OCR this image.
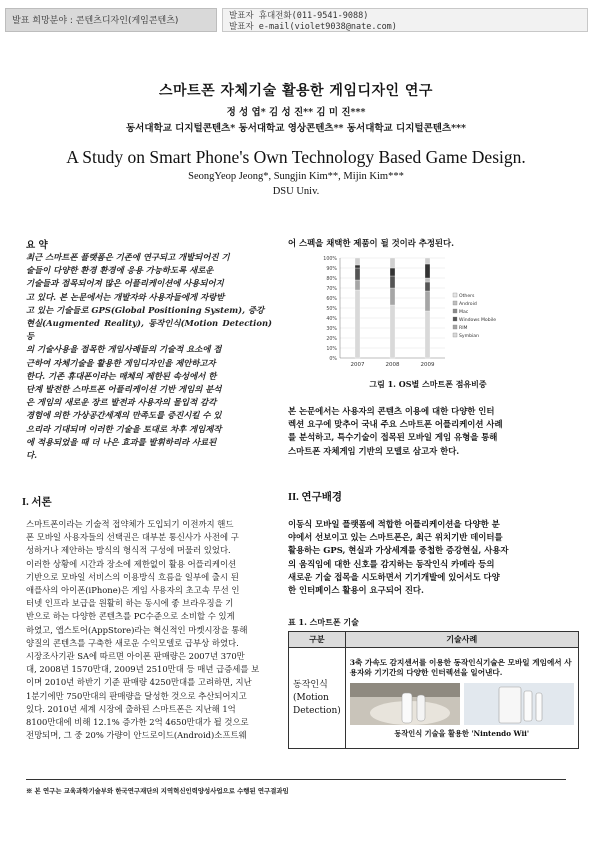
발표 희망분야 : 콘텐츠디자인(게임콘텐츠)	발표자 휴대전화(011-9541-9088)
발표자 e-mail(violet9038@nate.com)
스마트폰 자체기술 활용한 게임디자인 연구
정 성 엽* 김 성 진** 김 미 진***
동서대학교 디지털콘텐츠* 동서대학교 영상콘텐츠** 동서대학교 디지털콘텐츠***
A Study on Smart Phone's Own Technology Based Game Design.
SeongYeop Jeong*, Sungjin Kim**, Mijin Kim***
DSU Univ.
요 약
최근 스마트폰 플랫폼은 기존에 연구되고 개발되어진 기
술들이 다양한 환경 환경에 응용 가능하도록 새로운
기술들과 접목되어져 많은 어플리케이션에 사용되어지
고 있다. 본 논문에서는 개발자와 사용자들에게 자랑받
고 있는 기술들로 GPS(Global Positioning System), 증강
현실(Augmented Reality), 동작인식(Motion Detection)등
의 기술사용을 접목한 게임사례들의 기술적 요소에 접
근하여 자체기술을 활용한 게임디자인을 제안하고자
한다. 기존 휴대폰이라는 매체의 제한된 속성에서 한
단계 발전한 스마트폰 어플리케이션 기반 게임의 분석
은 게임의 새로운 장르 발전과 사용자의 몰입적 감각
경험에 의한 가상공간세계의 만족도를 증진시킬 수 있
으리라 기대되며 이러한 기술을 토대로 차후 게임제작
에 적용되었을 때 더 나은 효과를 발휘하리라 사료된
다.
I. 서론
스마트폰이라는 기술적 접약체가 도입되기 이전까지 핸드
폰 모바일 사용자들의 선택권은 대부분 통신사가 사전에 구
성하거나 제안하는 방식의 형식적 구성에 머물러 있었다.
이러한 상황에 시간과 장소에 제한없이 활용 어플리케이션
기반으로 모바일 서비스의 이용방식 흐름을 일부에 출시 된
애플사의 아이폰(iPhone)은 게임 사용자의 초고속 무선 인
터넷 인프라 보급을 원활히 하는 동시에 좋 브라우징을 기
반으로 하는 다양한 콘텐츠를 PC수준으로 소비할 수 있게
하였고, 앱스토어(AppStore)라는 혁신적인 마켓시장을 통해
양질의 콘텐츠를 구축한 새로운 수익모델로 급부상 하였다.
시장조사기관 SA에 따르면 아이폰 판매량은 2007년 370만
대, 2008년 1570만대, 2009년 2510만대 등 매년 급증세를 보
이며 2010년 하반기 기준 판매량 4250만대를 고려하면, 지난
1분기에만 750만대의 판매량을 달성한 것으로 추산되어지고
있다. 2010년 세계 시장에 출하된 스마트폰은 지난해 1억
8100만대에 비해 12.1% 증가한 2억 4650만대가 될 것으로
전망되며, 그 중 20% 가량이 안드로이드(Android)소프트웨
어 스펙을 채택한 제품이 될 것이라 추정된다.
0%
10%
20%
30%
40%
50%
60%
70%
80%
90%
100%
2007	2008	2009
Others
Android
Mac
Windows Mobile
RIM
Symbian
그림 1. OS별 스마트폰 점유비중
본 논문에서는 사용자의 콘텐츠 이용에 대한 다양한 인터
렉션 요구에 맞추어 국내 주요 스마트폰 어플리케이션 사례
를 분석하고, 특수기술이 접목된 모바일 게임 유형을 통해
스마트폰 자체게임 기반의 모델로 삼고자 한다.
II. 연구배경
이동식 모바일 플랫폼에 적합한 어플리케이션을 다양한 분
야에서 선보이고 있는 스마트폰은, 최근 위치기반 데이터를
활용하는 GPS, 현실과 가상세계를 중첩한 증강현실, 사용자
의 움직임에 대한 신호를 감지하는 동작인식 카메라 등의
새로운 기술 접목을 시도하면서 기기개발에 있어서도 다양
한 인터페이스 활용이 요구되어 진다.
표 1. 스마트폰 기술
구분	기술사례
동작인식 (Motion Detection)	3축 가속도 감지센서를 이용한 동작인식기술은 모바일 게임에서 사용자와 기기간의 다양한 인터렉션을 일어낸다.
동작인식 기술을 활용한 'Nintendo Wii'
※ 본 연구는 교육과학기술부와 한국연구재단의 지역혁신인력양성사업으로 수행된 연구결과임
